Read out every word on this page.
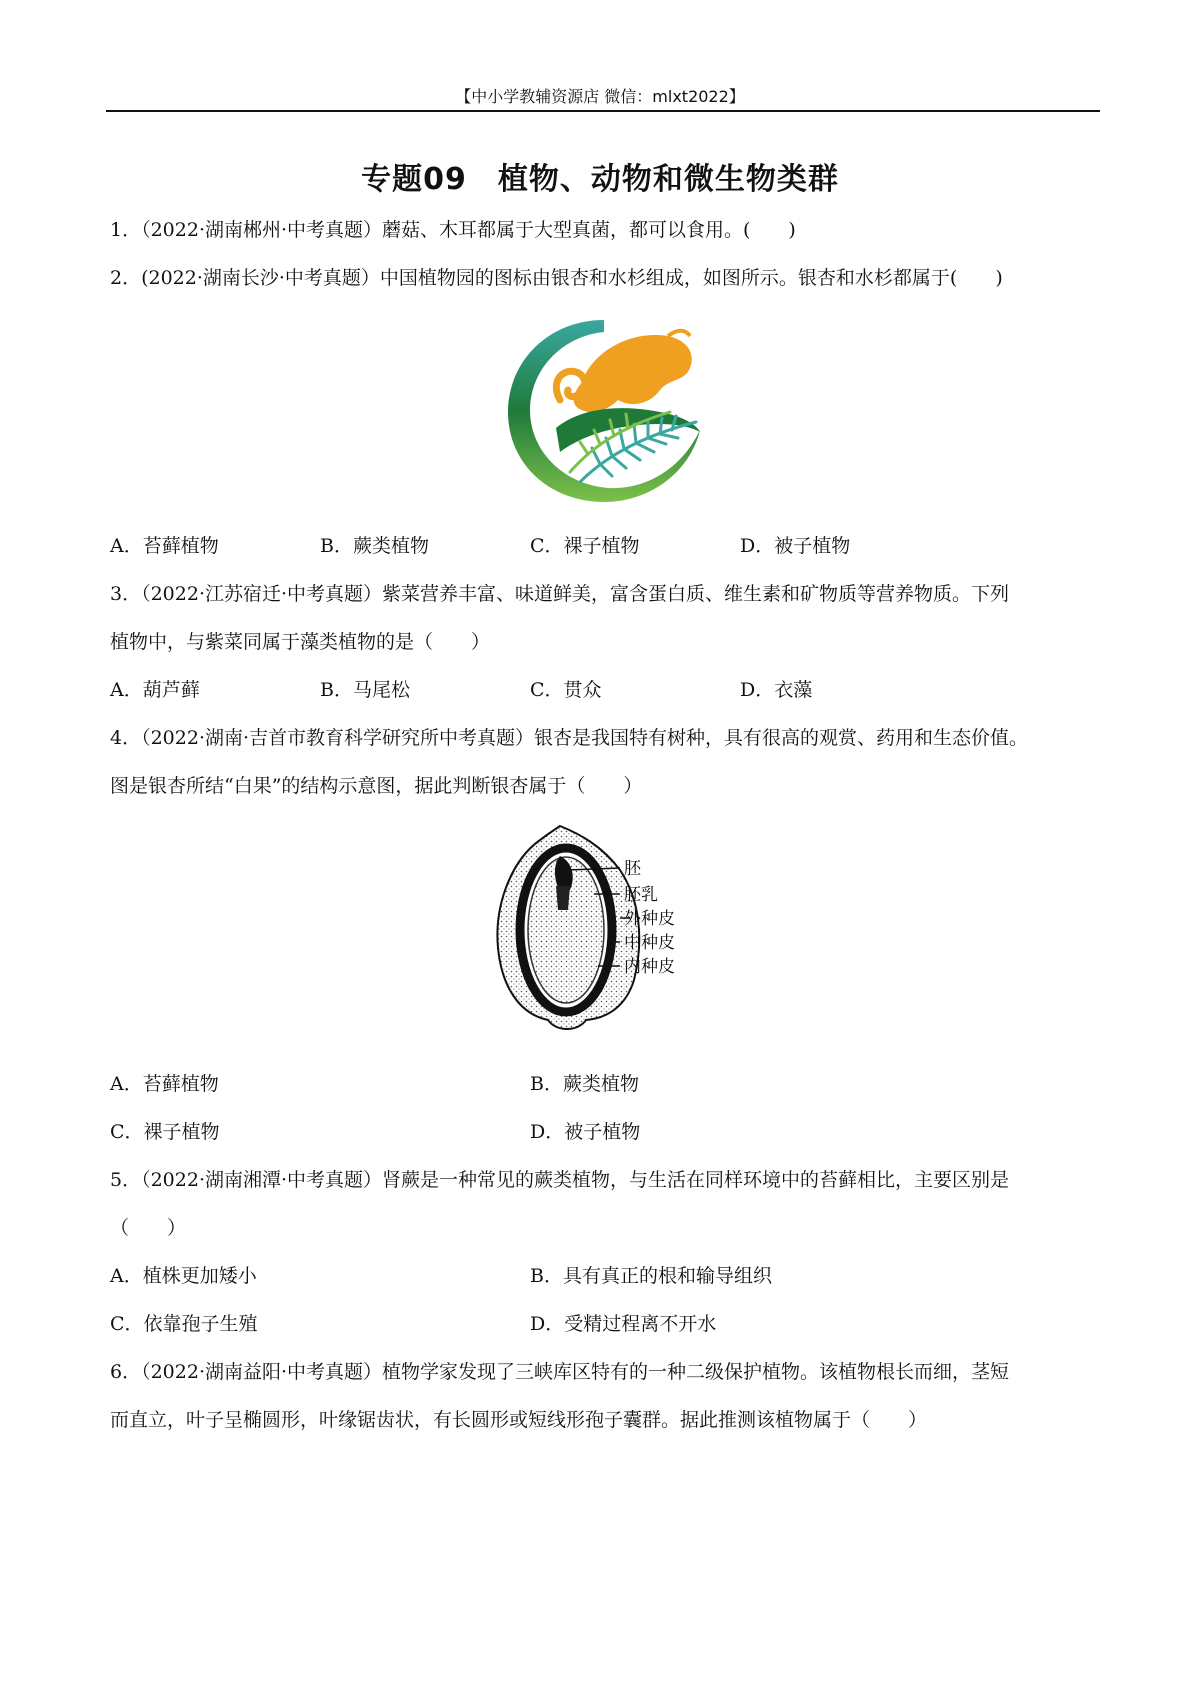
【中小学教辅资源店 微信：mlxt2022】
专题09　植物、动物和微生物类群
1．（2022·湖南郴州·中考真题）蘑菇、木耳都属于大型真菌，都可以食用。(　　)
2．(2022·湖南长沙·中考真题）中国植物园的图标由银杏和水杉组成，如图所示。银杏和水杉都属于(　　)
A．苔藓植物	B．蕨类植物	C．裸子植物	D．被子植物
3．（2022·江苏宿迁·中考真题）紫菜营养丰富、味道鲜美，富含蛋白质、维生素和矿物质等营养物质。下列
植物中，与紫菜同属于藻类植物的是（　　）
A．葫芦藓	B．马尾松	C．贯众	D．衣藻
4．（2022·湖南·吉首市教育科学研究所中考真题）银杏是我国特有树种，具有很高的观赏、药用和生态价值。
图是银杏所结“白果”的结构示意图，据此判断银杏属于（　　）
胚
胚乳
外种皮
中种皮
内种皮
A．苔藓植物	B．蕨类植物
C．裸子植物	D．被子植物
5．（2022·湖南湘潭·中考真题）肾蕨是一种常见的蕨类植物，与生活在同样环境中的苔藓相比，主要区别是
（　　）
A．植株更加矮小	B．具有真正的根和输导组织
C．依靠孢子生殖	D．受精过程离不开水
6．（2022·湖南益阳·中考真题）植物学家发现了三峡库区特有的一种二级保护植物。该植物根长而细，茎短
而直立，叶子呈椭圆形，叶缘锯齿状，有长圆形或短线形孢子囊群。据此推测该植物属于（　　）
